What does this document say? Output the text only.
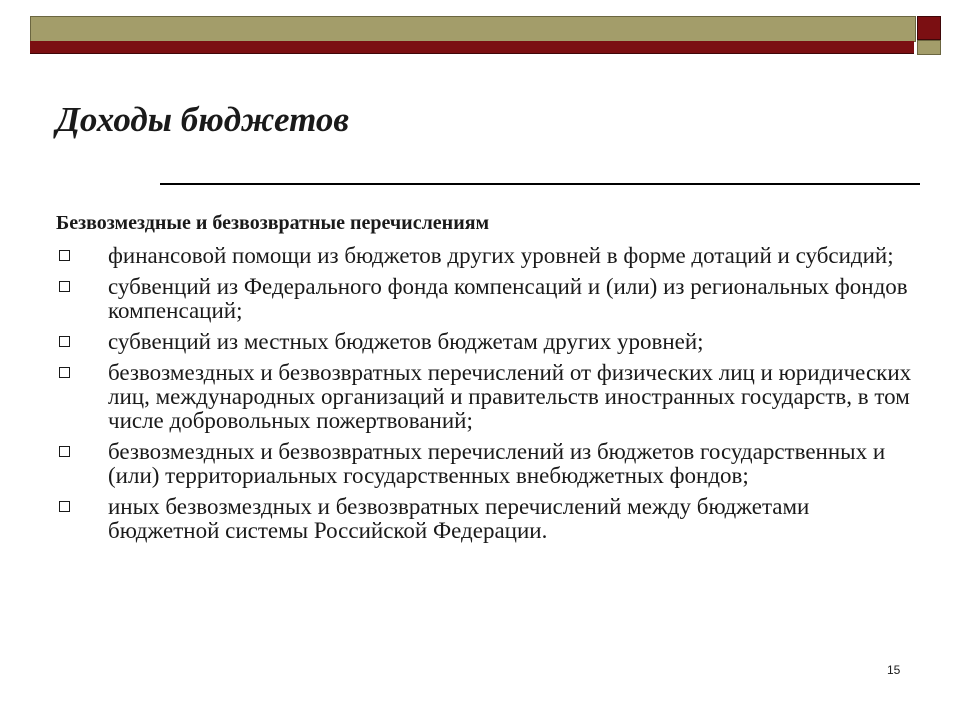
Доходы бюджетов
Безвозмездные и безвозвратные перечислениям
финансовой помощи из бюджетов других уровней в форме дотаций и субсидий;
субвенций из Федерального фонда компенсаций и (или) из региональных фондов компенсаций;
субвенций из местных бюджетов бюджетам других уровней;
безвозмездных и безвозвратных перечислений от физических лиц и юридических лиц, международных организаций и правительств иностранных государств, в том числе добровольных пожертвований;
безвозмездных и безвозвратных перечислений из бюджетов государственных и (или) территориальных государственных внебюджетных фондов;
иных безвозмездных и безвозвратных перечислений между бюджетами бюджетной системы Российской Федерации.
15
